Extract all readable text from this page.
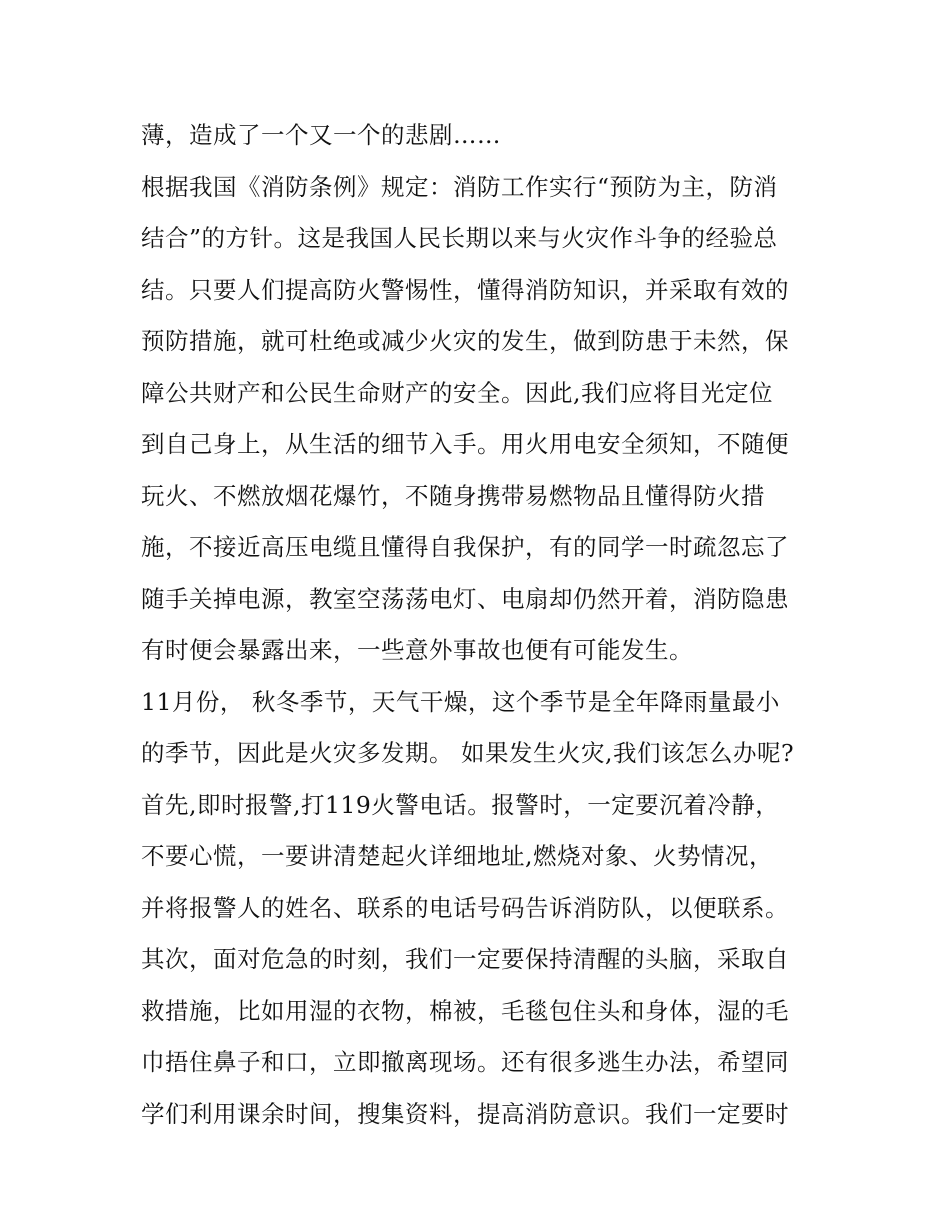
薄，造成了一个又一个的悲剧……
根据我国《消防条例》规定：消防工作实行“预防为主，防消
结合”的方针。这是我国人民长期以来与火灾作斗争的经验总
结。只要人们提高防火警惕性，懂得消防知识，并采取有效的
预防措施，就可杜绝或减少火灾的发生，做到防患于未然，保
障公共财产和公民生命财产的安全。因此,我们应将目光定位
到自己身上，从生活的细节入手。用火用电安全须知，不随便
玩火、不燃放烟花爆竹，不随身携带易燃物品且懂得防火措
施，不接近高压电缆且懂得自我保护，有的同学一时疏忽忘了
随手关掉电源，教室空荡荡电灯、电扇却仍然开着，消防隐患
有时便会暴露出来，一些意外事故也便有可能发生。
11月份， 秋冬季节，天气干燥，这个季节是全年降雨量最小
的季节，因此是火灾多发期。 如果发生火灾,我们该怎么办呢?
首先,即时报警,打119火警电话。报警时，一定要沉着冷静，
不要心慌，一要讲清楚起火详细地址,燃烧对象、火势情况，
并将报警人的姓名、联系的电话号码告诉消防队，以便联系。
其次，面对危急的时刻，我们一定要保持清醒的头脑，采取自
救措施，比如用湿的衣物，棉被，毛毯包住头和身体，湿的毛
巾捂住鼻子和口，立即撤离现场。还有很多逃生办法，希望同
学们利用课余时间，搜集资料，提高消防意识。我们一定要时
